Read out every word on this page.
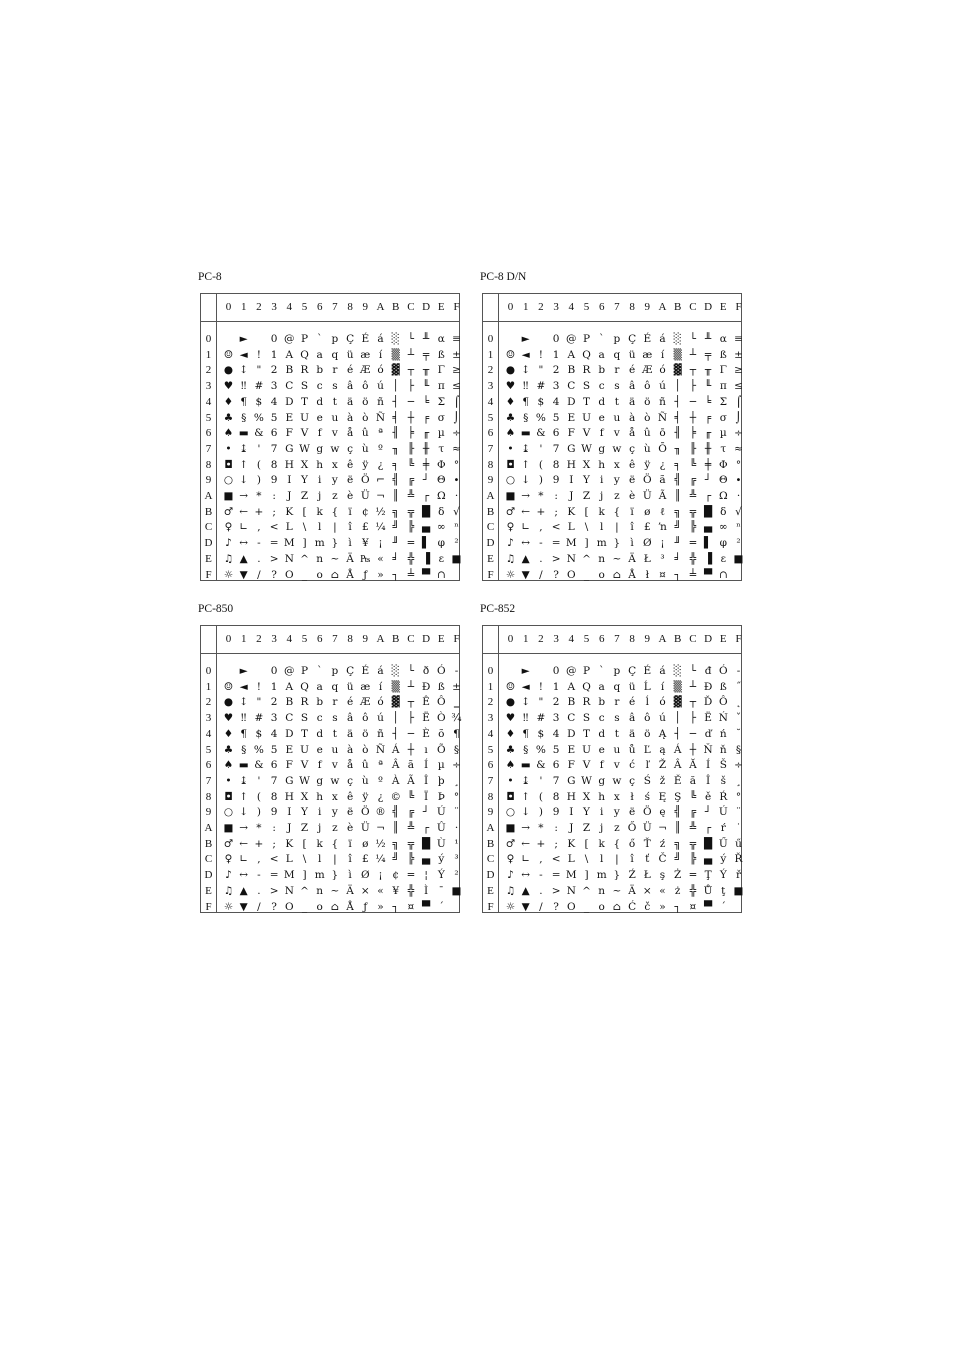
PC-8
0 1 2 3 4 5 6 7 8 9 A B C D E F
0
1
2
3
4
5
6
7
8
9
A
B
C
D
E
F
☺
●
♥
♦
♣
♠
•
◘
○
■
♂
♀
♪
♫
☼
►
◄
↕
‼
¶
§
▬
↨
↑
↓
→
←
∟
↔
▲
▼
!
"
#
$
%
&
'
(
)
*
+
,
-
.
/
0
1
2
3
4
5
6
7
8
9
:
;
<
=
>
?
@
A
B
C
D
E
F
G
H
I
J
K
L
M
N
O
P
Q
R
S
T
U
V
W
X
Y
Z
[
\
]
^
_
`
a
b
c
d
e
f
g
h
i
j
k
l
m
n
o
p
q
r
s
t
u
v
w
x
y
z
{
|
}
~
⌂
Ç
ü
é
â
ä
à
å
ç
ê
ë
è
ï
î
ì
Ä
Å
É
æ
Æ
ô
ö
ò
û
ù
ÿ
Ö
Ü
¢
£
¥
₧
ƒ
á
í
ó
ú
ñ
Ñ
ª
º
¿
⌐
¬
½
¼
¡
«
»
░
▒
▓
│
┤
╡
╢
╖
╕
╣
║
╗
╝
╜
╛
┐
└
┴
┬
├
─
┼
╞
╟
╚
╔
╩
╦
╠
═
╬
╧
╨
╤
╥
╙
╘
╒
╓
╫
╪
┘
┌
█
▄
▌
▐
▀
α
ß
Γ
π
Σ
σ
µ
τ
Φ
Θ
Ω
δ
∞
φ
ε
∩
≡
±
≥
≤
⌠
⌡
÷
≈
°
∙
·
√
ⁿ
²
■
PC-8 D/N
0 1 2 3 4 5 6 7 8 9 A B C D E F
0
1
2
3
4
5
6
7
8
9
A
B
C
D
E
F
☺
●
♥
♦
♣
♠
•
◘
○
■
♂
♀
♪
♫
☼
►
◄
↕
‼
¶
§
▬
↨
↑
↓
→
←
∟
↔
▲
▼
!
"
#
$
%
&
'
(
)
*
+
,
-
.
/
0
1
2
3
4
5
6
7
8
9
:
;
<
=
>
?
@
A
B
C
D
E
F
G
H
I
J
K
L
M
N
O
P
Q
R
S
T
U
V
W
X
Y
Z
[
\
]
^
_
`
a
b
c
d
e
f
g
h
i
j
k
l
m
n
o
p
q
r
s
t
u
v
w
x
y
z
{
|
}
~
⌂
Ç
ü
é
â
ä
à
å
ç
ê
ë
è
ï
î
ì
Ä
Å
É
æ
Æ
ô
ö
ò
û
ù
ÿ
Ö
Ü
ø
£
Ø
Ł
ł
á
í
ó
ú
ñ
Ñ
ō
Ō
¿
ã
Ã
ℓ
ŉ
¡
³
¤
░
▒
▓
│
┤
╡
╢
╖
╕
╣
║
╗
╝
╜
╛
┐
└
┴
┬
├
─
┼
╞
╟
╚
╔
╩
╦
╠
═
╬
╧
╨
╤
╥
╙
╘
╒
╓
╫
╪
┘
┌
█
▄
▌
▐
▀
α
ß
Γ
π
Σ
σ
µ
τ
Φ
Θ
Ω
δ
∞
φ
ε
∩
≡
±
≥
≤
⌠
⌡
÷
≈
°
∙
·
√
ⁿ
²
■
PC-850
0 1 2 3 4 5 6 7 8 9 A B C D E F
0
1
2
3
4
5
6
7
8
9
A
B
C
D
E
F
☺
●
♥
♦
♣
♠
•
◘
○
■
♂
♀
♪
♫
☼
►
◄
↕
‼
¶
§
▬
↨
↑
↓
→
←
∟
↔
▲
▼
!
"
#
$
%
&
'
(
)
*
+
,
-
.
/
0
1
2
3
4
5
6
7
8
9
:
;
<
=
>
?
@
A
B
C
D
E
F
G
H
I
J
K
L
M
N
O
P
Q
R
S
T
U
V
W
X
Y
Z
[
\
]
^
_
`
a
b
c
d
e
f
g
h
i
j
k
l
m
n
o
p
q
r
s
t
u
v
w
x
y
z
{
|
}
~
⌂
Ç
ü
é
â
ä
à
å
ç
ê
ë
è
ï
î
ì
Ä
Å
É
æ
Æ
ô
ö
ò
û
ù
ÿ
Ö
Ü
ø
£
Ø
×
ƒ
á
í
ó
ú
ñ
Ñ
ª
º
¿
®
¬
½
¼
¡
«
»
░
▒
▓
│
┤
Á
Â
À
©
╣
║
╗
╝
¢
¥
┐
└
┴
┬
├
─
┼
ã
Ã
╚
╔
╩
╦
╠
═
╬
¤
ð
Ð
Ê
Ë
È
ı
Í
Î
Ï
┘
┌
█
▄
¦
Ì
▀
Ó
ß
Ô
Ò
õ
Õ
µ
þ
Þ
Ú
Û
Ù
ý
Ý
¯
´
-
±
‗
¾
¶
§
÷
¸
°
¨
·
¹
³
²
■
PC-852
0 1 2 3 4 5 6 7 8 9 A B C D E F
0
1
2
3
4
5
6
7
8
9
A
B
C
D
E
F
☺
●
♥
♦
♣
♠
•
◘
○
■
♂
♀
♪
♫
☼
►
◄
↕
‼
¶
§
▬
↨
↑
↓
→
←
∟
↔
▲
▼
!
"
#
$
%
&
'
(
)
*
+
,
-
.
/
0
1
2
3
4
5
6
7
8
9
:
;
<
=
>
?
@
A
B
C
D
E
F
G
H
I
J
K
L
M
N
O
P
Q
R
S
T
U
V
W
X
Y
Z
[
\
]
^
_
`
a
b
c
d
e
f
g
h
i
j
k
l
m
n
o
p
q
r
s
t
u
v
w
x
y
z
{
|
}
~
⌂
Ç
ü
é
â
ä
ů
ć
ç
ł
ë
Ő
ő
î
Ź
Ä
Ć
É
Ĺ
ĺ
ô
ö
Ľ
ľ
Ś
ś
Ö
Ü
Ť
ť
Ł
×
č
á
í
ó
ú
Ą
ą
Ž
ž
Ę
ę
¬
ź
Č
ş
«
»
░
▒
▓
│
┤
Á
Â
Ě
Ş
╣
║
╗
╝
Ż
ż
┐
└
┴
┬
├
─
┼
Ă
ă
╚
╔
╩
╦
╠
═
╬
¤
đ
Đ
Ď
Ë
ď
Ň
Í
Î
ě
┘
┌
█
▄
Ţ
Ů
▀
Ó
ß
Ô
Ń
ń
ň
Š
š
Ŕ
Ú
ŕ
Ű
ý
Ý
ţ
´
-
˝
˛
ˇ
˘
§
÷
¸
°
¨
˙
ű
Ř
ř
■
